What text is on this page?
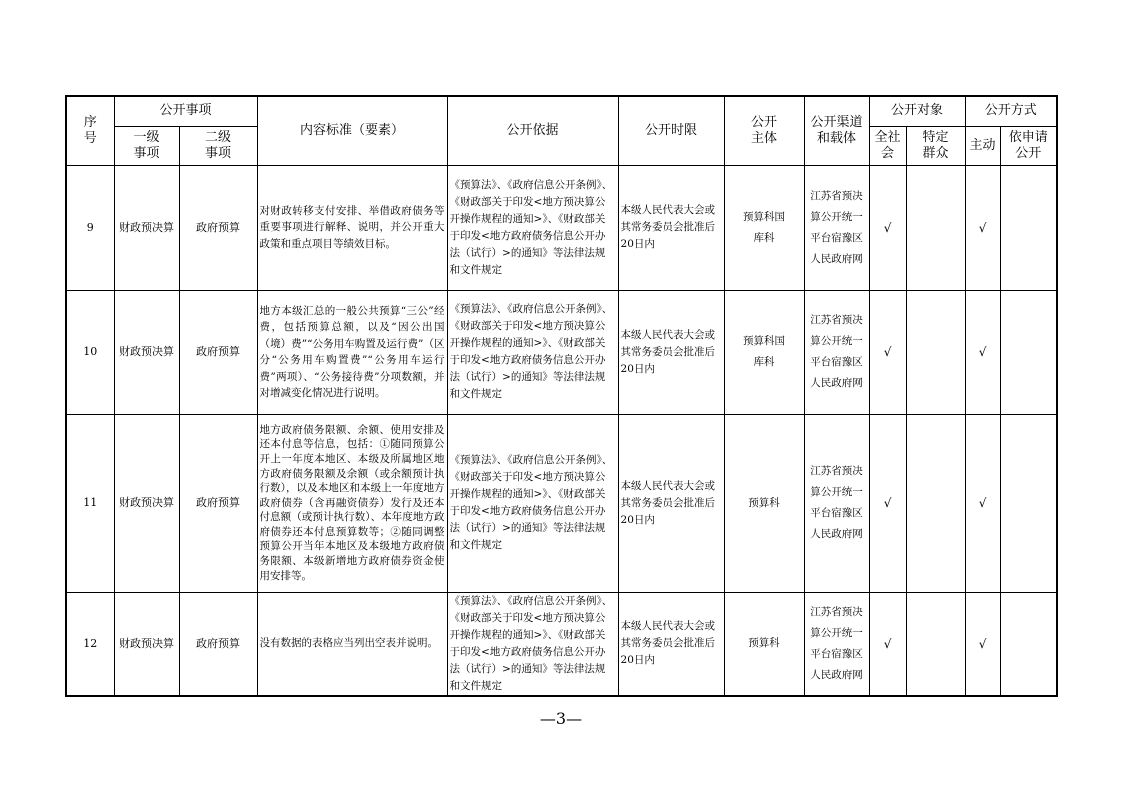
序号	公开事项		内容标准（要素）	公开依据	公开时限	公开主体	公开渠道和载体	公开对象		公开方式	
	一级事项	二级事项						全社会	特定群众	主动	依申请公开
9	财政预决算	政府预算	对财政转移支付安排、举借政府债务等重要事项进行解释、说明，并公开重大政策和重点项目等绩效目标。	《预算法》、《政府信息公开条例》、《财政部关于印发<地方预决算公开操作规程的通知>》、《财政部关于印发<地方政府债务信息公开办法（试行）>的通知》等法律法规和文件规定	本级人民代表大会或其常务委员会批准后20日内	预算科国库科	江苏省预决算公开统一平台宿豫区人民政府网	√		√	
10	财政预决算	政府预算	地方本级汇总的一般公共预算“三公”经费，包括预算总额，以及“因公出国（境）费”“公务用车购置及运行费”（区分“公务用车购置费”“公务用车运行费”两项）、“公务接待费”分项数额，并对增减变化情况进行说明。	《预算法》、《政府信息公开条例》、《财政部关于印发<地方预决算公开操作规程的通知>》、《财政部关于印发<地方政府债务信息公开办法（试行）>的通知》等法律法规和文件规定	本级人民代表大会或其常务委员会批准后20日内	预算科国库科	江苏省预决算公开统一平台宿豫区人民政府网	√		√	
11	财政预决算	政府预算	地方政府债务限额、余额、使用安排及还本付息等信息，包括：①随同预算公开上一年度本地区、本级及所属地区地方政府债务限额及余额（或余额预计执行数），以及本地区和本级上一年度地方政府债券（含再融资债券）发行及还本付息额（或预计执行数）、本年度地方政府债券还本付息预算数等；②随同调整预算公开当年本地区及本级地方政府债务限额、本级新增地方政府债券资金使用安排等。	《预算法》、《政府信息公开条例》、《财政部关于印发<地方预决算公开操作规程的通知>》、《财政部关于印发<地方政府债务信息公开办法（试行）>的通知》等法律法规和文件规定	本级人民代表大会或其常务委员会批准后20日内	预算科	江苏省预决算公开统一平台宿豫区人民政府网	√		√	
12	财政预决算	政府预算	没有数据的表格应当列出空表并说明。	《预算法》、《政府信息公开条例》、《财政部关于印发<地方预决算公开操作规程的通知>》、《财政部关于印发<地方政府债务信息公开办法（试行）>的通知》等法律法规和文件规定	本级人民代表大会或其常务委员会批准后20日内	预算科	江苏省预决算公开统一平台宿豫区人民政府网	√		√	
—3—
